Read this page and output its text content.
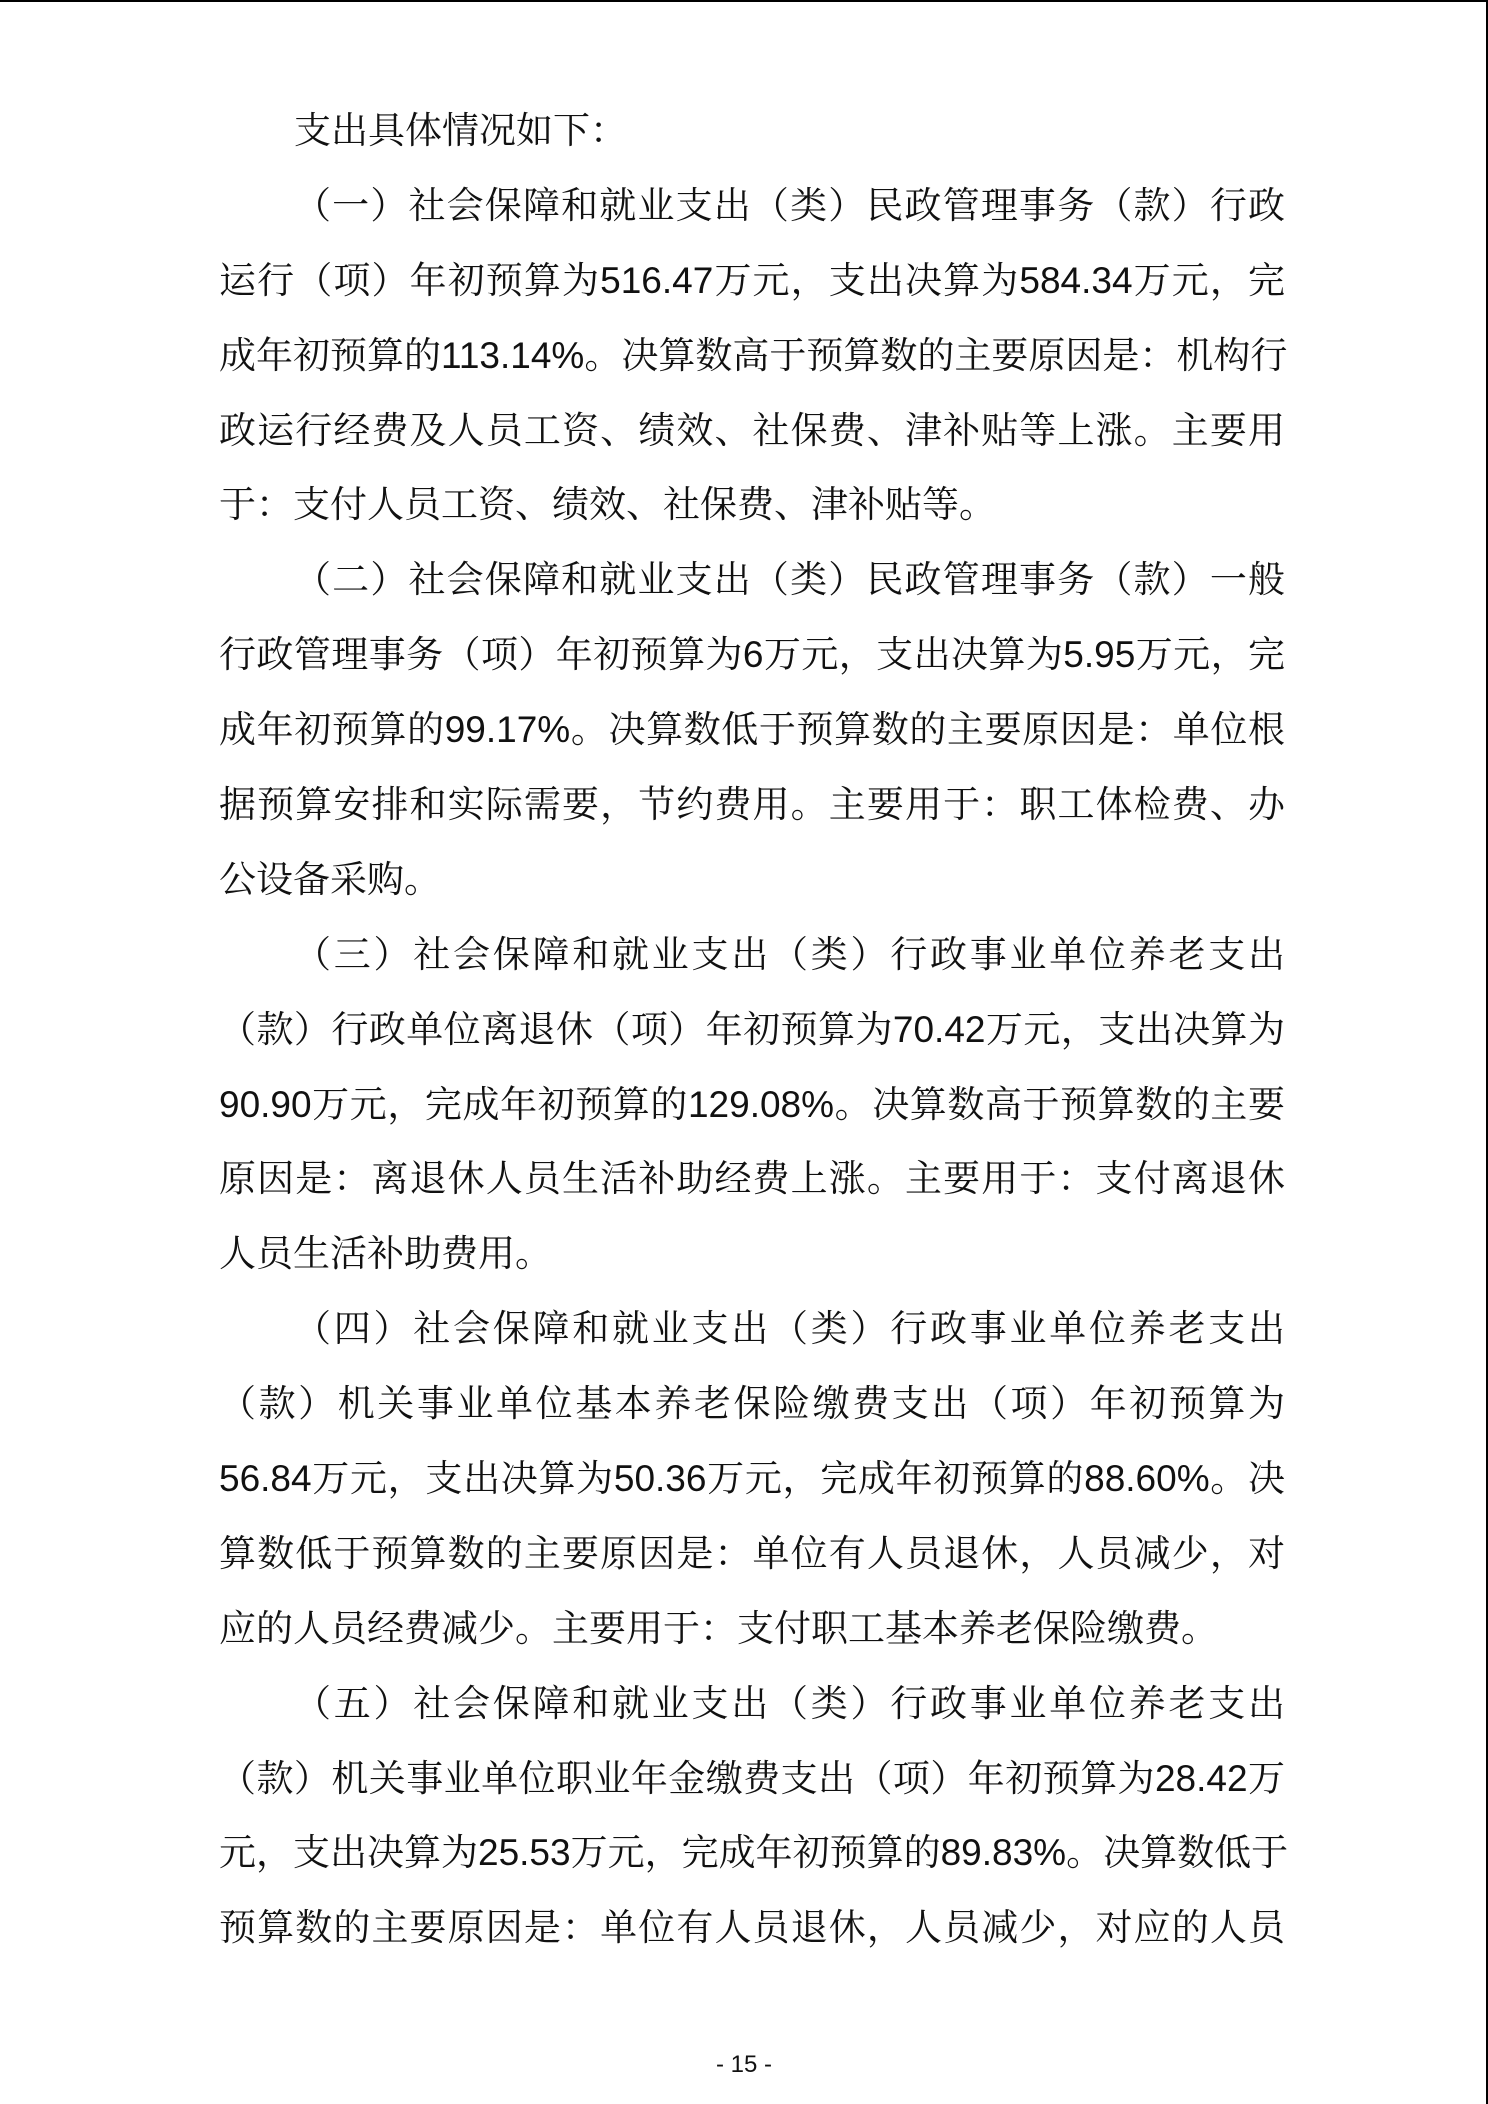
支出具体情况如下：
（一）社会保障和就业支出（类）民政管理事务（款）行政
运行（项）年初预算为516.47万元，支出决算为584.34万元，完
成年初预算的113.14%。决算数高于预算数的主要原因是：机构行
政运行经费及人员工资、绩效、社保费、津补贴等上涨。主要用
于：支付人员工资、绩效、社保费、津补贴等。
（二）社会保障和就业支出（类）民政管理事务（款）一般
行政管理事务（项）年初预算为6万元，支出决算为5.95万元，完
成年初预算的99.17%。决算数低于预算数的主要原因是：单位根
据预算安排和实际需要，节约费用。主要用于：职工体检费、办
公设备采购。
（三）社会保障和就业支出（类）行政事业单位养老支出
（款）行政单位离退休（项）年初预算为70.42万元，支出决算为
90.90万元，完成年初预算的129.08%。决算数高于预算数的主要
原因是：离退休人员生活补助经费上涨。主要用于：支付离退休
人员生活补助费用。
（四）社会保障和就业支出（类）行政事业单位养老支出
（款）机关事业单位基本养老保险缴费支出（项）年初预算为
56.84万元，支出决算为50.36万元，完成年初预算的88.60%。决
算数低于预算数的主要原因是：单位有人员退休，人员减少，对
应的人员经费减少。主要用于：支付职工基本养老保险缴费。
（五）社会保障和就业支出（类）行政事业单位养老支出
（款）机关事业单位职业年金缴费支出（项）年初预算为28.42万
元，支出决算为25.53万元，完成年初预算的89.83%。决算数低于
预算数的主要原因是：单位有人员退休，人员减少，对应的人员
- 15 -
